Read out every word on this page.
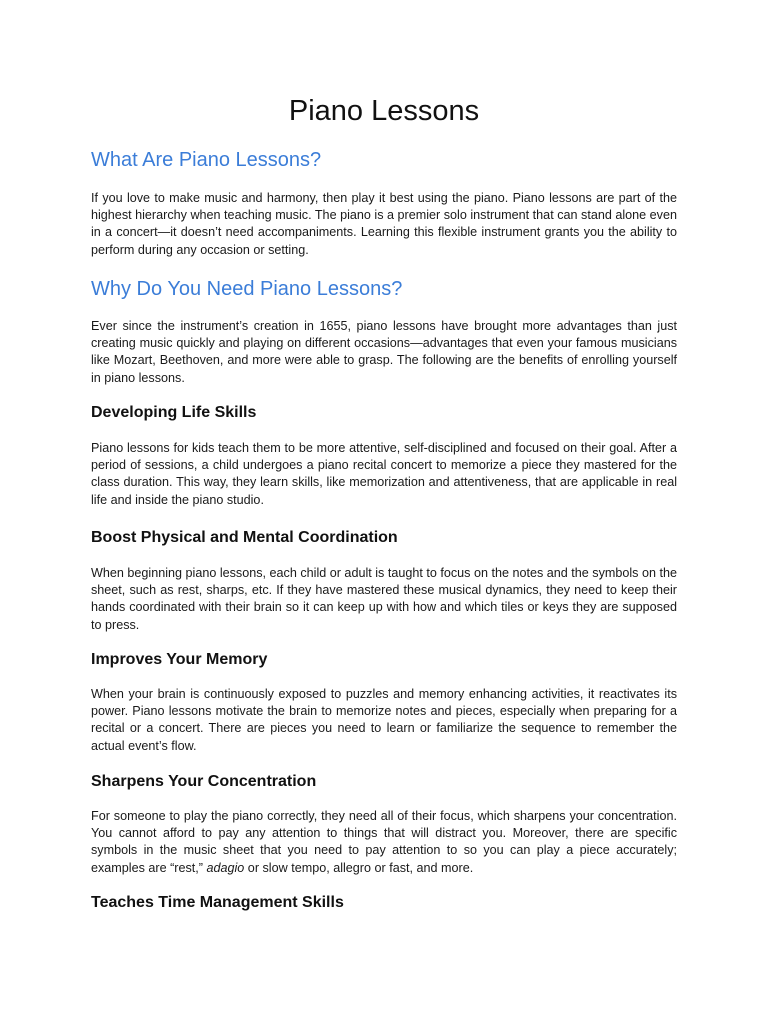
Piano Lessons
What Are Piano Lessons?

If you love to make music and harmony, then play it best using the piano. Piano lessons are part of the highest hierarchy when teaching music. The piano is a premier solo instrument that can stand alone even in a concert—it doesn’t need accompaniments. Learning this flexible instrument grants you the ability to perform during any occasion or setting.

Why Do You Need Piano Lessons?

Ever since the instrument’s creation in 1655, piano lessons have brought more advantages than just creating music quickly and playing on different occasions—advantages that even your famous musicians like Mozart, Beethoven, and more were able to grasp. The following are the benefits of enrolling yourself in piano lessons.

Developing Life Skills

Piano lessons for kids teach them to be more attentive, self-disciplined and focused on their goal. After a period of sessions, a child undergoes a piano recital concert to memorize a piece they mastered for the class duration. This way, they learn skills, like memorization and attentiveness, that are applicable in real life and inside the piano studio.

Boost Physical and Mental Coordination

When beginning piano lessons, each child or adult is taught to focus on the notes and the symbols on the sheet, such as rest, sharps, etc. If they have mastered these musical dynamics, they need to keep their hands coordinated with their brain so it can keep up with how and which tiles or keys they are supposed to press.

Improves Your Memory

When your brain is continuously exposed to puzzles and memory enhancing activities, it reactivates its power. Piano lessons motivate the brain to memorize notes and pieces, especially when preparing for a recital or a concert. There are pieces you need to learn or familiarize the sequence to remember the actual event’s flow.

Sharpens Your Concentration

For someone to play the piano correctly, they need all of their focus, which sharpens your concentration. You cannot afford to pay any attention to things that will distract you. Moreover, there are specific symbols in the music sheet that you need to pay attention to so you can play a piece accurately; examples are “rest,” adagio or slow tempo, allegro or fast, and more.

Teaches Time Management Skills
